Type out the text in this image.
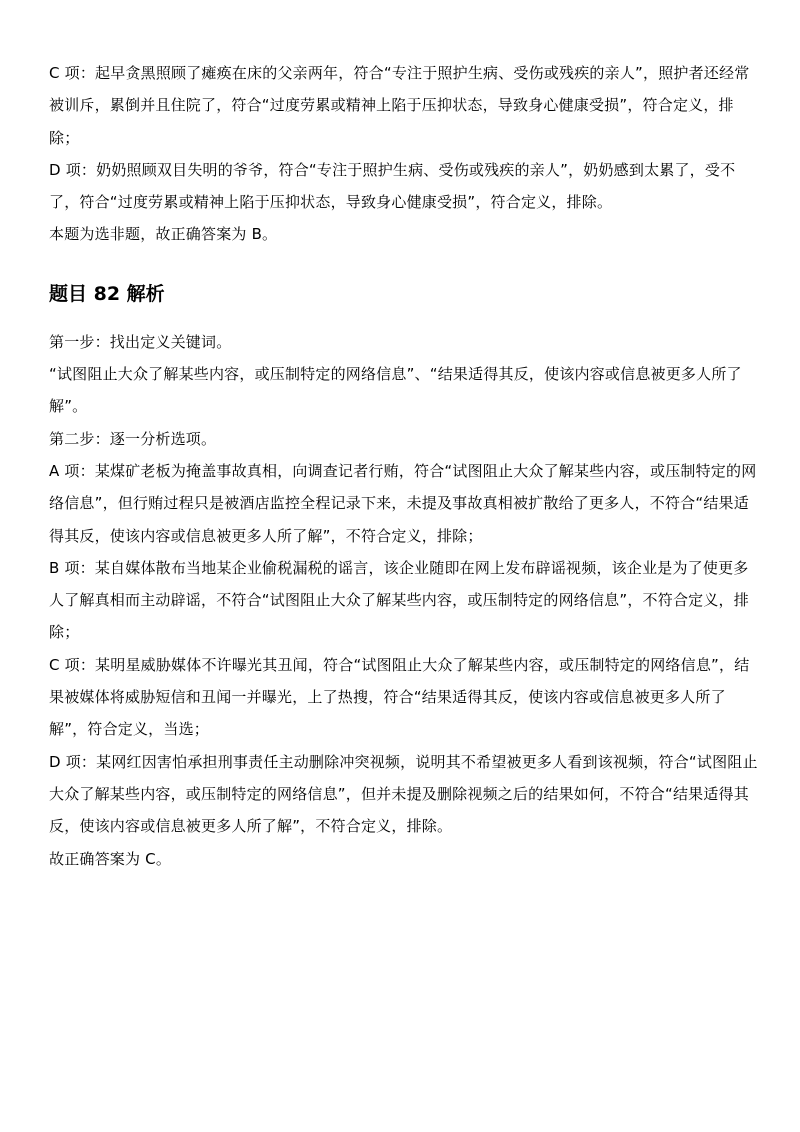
C 项：起早贪黑照顾了瘫痪在床的父亲两年，符合“专注于照护生病、受伤或残疾的亲人”，照护者还经常被训斥，累倒并且住院了，符合“过度劳累或精神上陷于压抑状态，导致身心健康受损”，符合定义，排除；

D 项：奶奶照顾双目失明的爷爷，符合“专注于照护生病、受伤或残疾的亲人”，奶奶感到太累了，受不了，符合“过度劳累或精神上陷于压抑状态，导致身心健康受损”，符合定义，排除。

本题为选非题，故正确答案为 B。

题目 82 解析

第一步：找出定义关键词。

“试图阻止大众了解某些内容，或压制特定的网络信息”、“结果适得其反，使该内容或信息被更多人所了解”。

第二步：逐一分析选项。

A 项：某煤矿老板为掩盖事故真相，向调查记者行贿，符合“试图阻止大众了解某些内容，或压制特定的网络信息”，但行贿过程只是被酒店监控全程记录下来，未提及事故真相被扩散给了更多人，不符合“结果适得其反，使该内容或信息被更多人所了解”，不符合定义，排除；

B 项：某自媒体散布当地某企业偷税漏税的谣言，该企业随即在网上发布辟谣视频，该企业是为了使更多人了解真相而主动辟谣，不符合“试图阻止大众了解某些内容，或压制特定的网络信息”，不符合定义，排除；

C 项：某明星威胁媒体不许曝光其丑闻，符合“试图阻止大众了解某些内容，或压制特定的网络信息”，结果被媒体将威胁短信和丑闻一并曝光，上了热搜，符合“结果适得其反，使该内容或信息被更多人所了解”，符合定义，当选；

D 项：某网红因害怕承担刑事责任主动删除冲突视频，说明其不希望被更多人看到该视频，符合“试图阻止大众了解某些内容，或压制特定的网络信息”，但并未提及删除视频之后的结果如何，不符合“结果适得其反，使该内容或信息被更多人所了解”，不符合定义，排除。

故正确答案为 C。
